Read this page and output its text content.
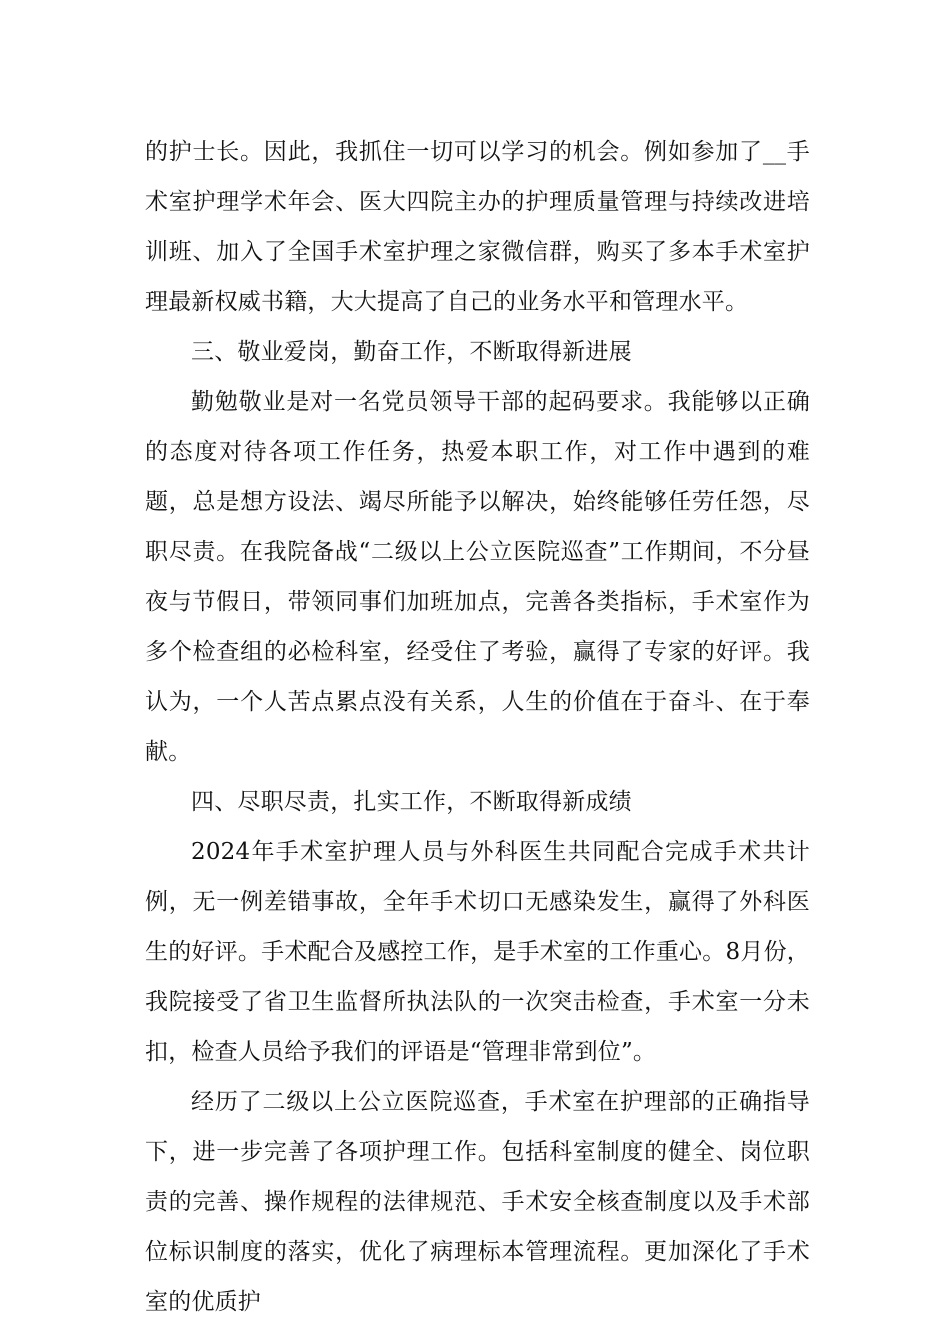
的护士长。因此，我抓住一切可以学习的机会。例如参加了__手术室护理学术年会、医大四院主办的护理质量管理与持续改进培训班、加入了全国手术室护理之家微信群，购买了多本手术室护理最新权威书籍，大大提高了自己的业务水平和管理水平。

三、敬业爱岗，勤奋工作，不断取得新进展

勤勉敬业是对一名党员领导干部的起码要求。我能够以正确的态度对待各项工作任务，热爱本职工作，对工作中遇到的难题，总是想方设法、竭尽所能予以解决，始终能够任劳任怨，尽职尽责。在我院备战“二级以上公立医院巡查”工作期间，不分昼夜与节假日，带领同事们加班加点，完善各类指标，手术室作为多个检查组的必检科室，经受住了考验，赢得了专家的好评。我认为，一个人苦点累点没有关系，人生的价值在于奋斗、在于奉献。

四、尽职尽责，扎实工作，不断取得新成绩

2024年手术室护理人员与外科医生共同配合完成手术共计例，无一例差错事故，全年手术切口无感染发生，赢得了外科医生的好评。手术配合及感控工作，是手术室的工作重心。8月份，我院接受了省卫生监督所执法队的一次突击检查，手术室一分未扣，检查人员给予我们的评语是“管理非常到位”。

经历了二级以上公立医院巡查，手术室在护理部的正确指导下，进一步完善了各项护理工作。包括科室制度的健全、岗位职责的完善、操作规程的法律规范、手术安全核查制度以及手术部位标识制度的落实，优化了病理标本管理流程。更加深化了手术室的优质护
